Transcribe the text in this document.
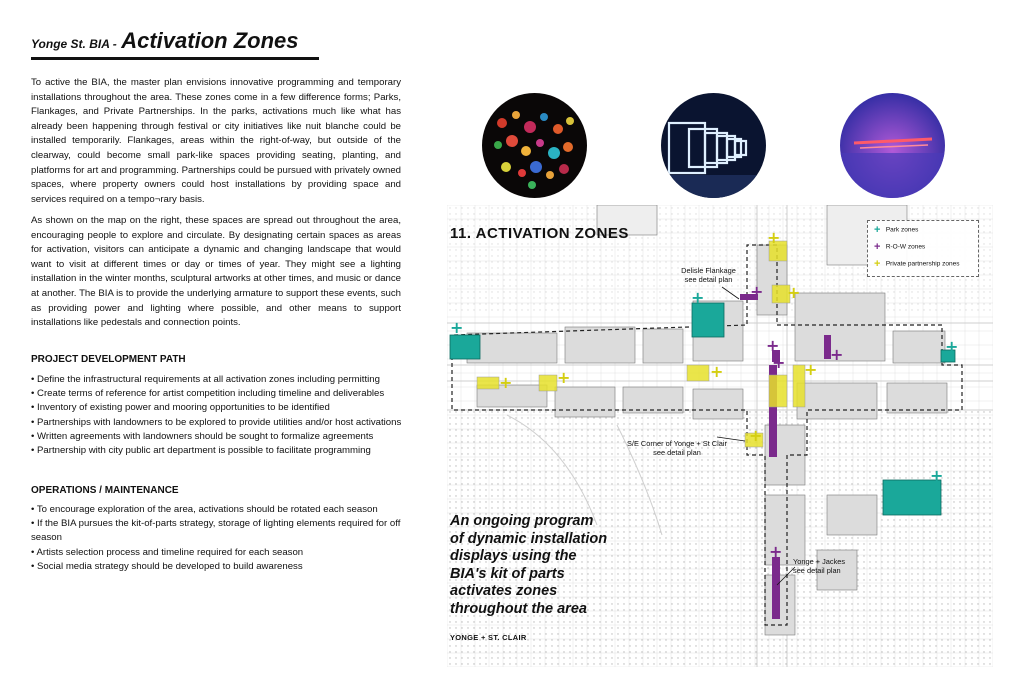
Yonge St. BIA - Activation Zones

To active the BIA, the master plan envisions innovative programming and temporary installations throughout the area. These zones come in a few difference forms; Parks, Flankages, and Private Partnerships. In the parks, activations much like what has already been happening through festival or city initiatives like nuit blanche could be installed temporarily. Flankages, areas within the right-of-way, but outside of the clearway, could become small park-like spaces providing seating, planting, and platforms for art and programming. Partnerships could be pursued with privately owned spaces, where property owners could host installations by providing space and services required on a tempo¬rary basis.

As shown on the map on the right, these spaces are spread out throughout the area, encouraging people to explore and circulate. By designating certain spaces as areas for activation, visitors can anticipate a dynamic and changing landscape that would want to visit at different times or day or times of year. They might see a lighting installation in the winter months, sculptural artworks at other times, and music or dance at another. The BIA is to provide the underlying armature to support these events, such as providing power and lighting where possible, and other means to support installations like pedestals and connection points.

PROJECT DEVELOPMENT PATH

• Define the infrastructural requirements at all activation zones including permitting
• Create terms of reference for artist competition including timeline and deliverables
• Inventory of existing power and mooring opportunities to be identified
• Partnerships with landowners to be explored to provide utilities and/or host activations
• Written agreements with landowners should be sought to formalize agreements
• Partnership with city public art department is possible to facilitate programming

OPERATIONS / MAINTENANCE

• To encourage exploration of the area, activations should be rotated each season
• If the BIA pursues the kit-of-parts strategy, storage of lighting elements required for off season
• Artists selection process and timeline required for each season
• Social media strategy should be developed to build awareness
+
+
+
+
+
+	+
+
+
+
+
+	+	+	+
+
11. ACTIVATION ZONES
Delisle Flankage
see detail plan
S/E Corner of Yonge + St Clair
see detail plan
Yonge + Jackes
see detail plan
+ Park zones
+ R-O-W zones
+ Private partnership zones
An ongoing program
of dynamic installation
displays using the
BIA's kit of parts
activates zones
throughout the area
YONGE + ST. CLAIR
